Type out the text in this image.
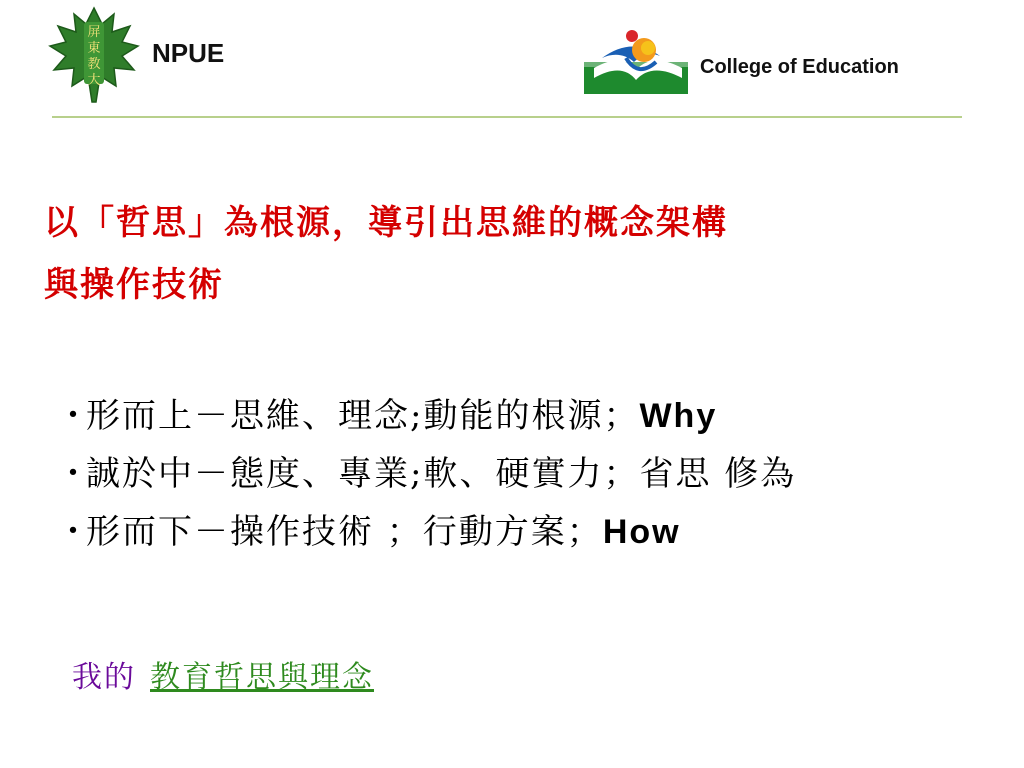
屏
東
教
大
NPUE	College of Education
以「哲思」為根源，導引出思維的概念架構
與操作技術
・形而上－思維、理念;動能的根源；Why
・誠於中－態度、專業;軟、硬實力；省思 修為
・形而下－操作技術 ；行動方案；How
我的 教育哲思與理念
